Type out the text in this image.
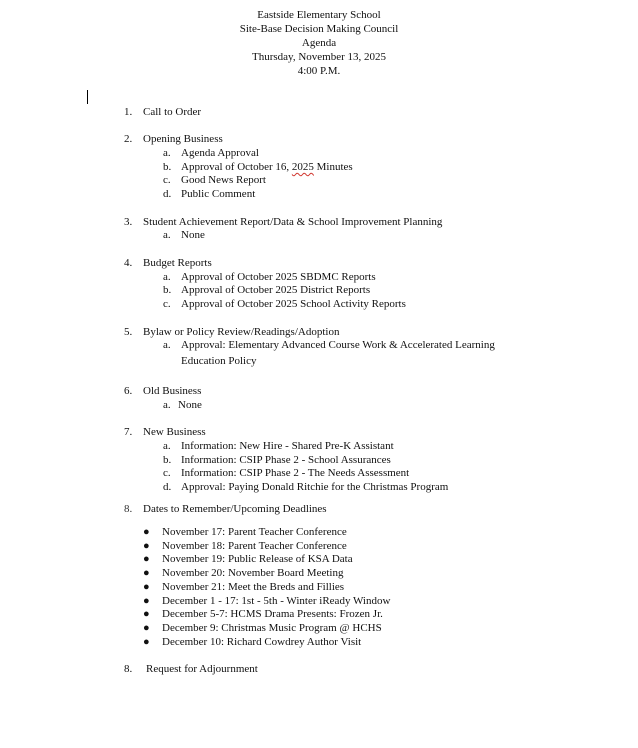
Eastside Elementary School
Site-Base Decision Making Council
Agenda
Thursday, November 13, 2025
4:00 P.M.
1. Call to Order
2. Opening Business
a. Agenda Approval
b. Approval of October 16, 2025 Minutes
c. Good News Report
d. Public Comment
3. Student Achievement Report/Data & School Improvement Planning
a. None
4. Budget Reports
a. Approval of October 2025 SBDMC Reports
b. Approval of October 2025 District Reports
c. Approval of October 2025 School Activity Reports
5. Bylaw or Policy Review/Readings/Adoption
a. Approval: Elementary Advanced Course Work & Accelerated Learning
Education Policy
6. Old Business
a. None
7. New Business
a. Information: New Hire - Shared Pre-K Assistant
b. Information: CSIP Phase 2 - School Assurances
c. Information: CSIP Phase 2 - The Needs Assessment
d. Approval: Paying Donald Ritchie for the Christmas Program
8. Dates to Remember/Upcoming Deadlines
● November 17: Parent Teacher Conference
● November 18: Parent Teacher Conference
● November 19: Public Release of KSA Data
● November 20: November Board Meeting
● November 21: Meet the Breds and Fillies
● December 1 - 17: 1st - 5th - Winter iReady Window
● December 5-7: HCMS Drama Presents: Frozen Jr.
● December 9: Christmas Music Program @ HCHS
● December 10: Richard Cowdrey Author Visit
8. Request for Adjournment
